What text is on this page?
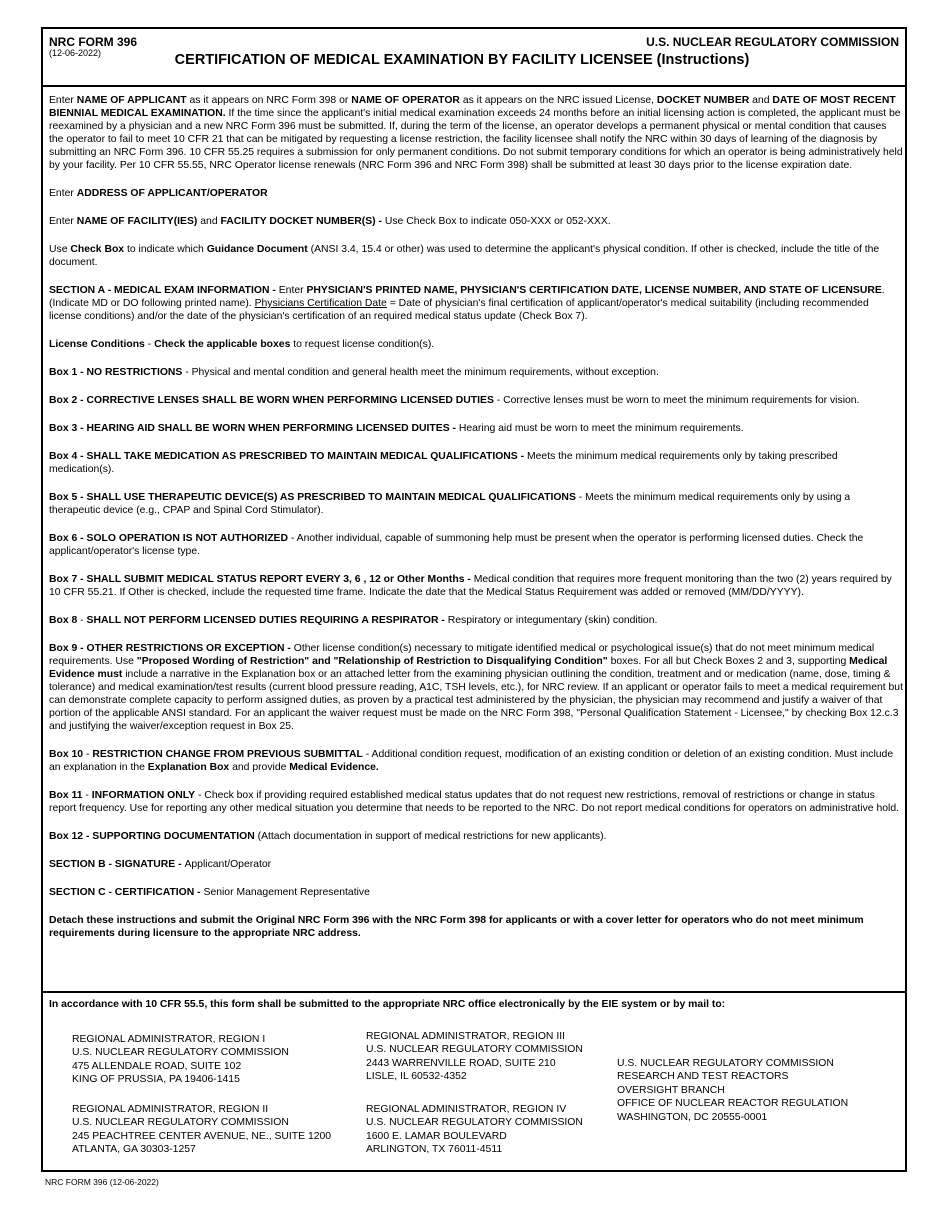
NRC FORM 396
(12-06-2022)
U.S. NUCLEAR REGULATORY COMMISSION
CERTIFICATION OF MEDICAL EXAMINATION BY FACILITY LICENSEE (Instructions)

Enter NAME OF APPLICANT as it appears on NRC Form 398 or NAME OF OPERATOR as it appears on the NRC issued License, DOCKET NUMBER and DATE OF MOST RECENT BIENNIAL MEDICAL EXAMINATION. If the time since the applicant's initial medical examination exceeds 24 months before an initial licensing action is completed, the applicant must be reexamined by a physician and a new NRC Form 396 must be submitted. If, during the term of the license, an operator develops a permanent physical or mental condition that causes the operator to fail to meet 10 CFR 21 that can be mitigated by requesting a license restriction, the facility licensee shall notify the NRC within 30 days of learning of the diagnosis by submitting an NRC Form 396. 10 CFR 55.25 requires a submission for only permanent conditions. Do not submit temporary conditions for which an operator is being administratively held by your facility. Per 10 CFR 55.55, NRC Operator license renewals (NRC Form 396 and NRC Form 398) shall be submitted at least 30 days prior to the license expiration date.

Enter ADDRESS OF APPLICANT/OPERATOR

Enter NAME OF FACILITY(IES) and FACILITY DOCKET NUMBER(S) - Use Check Box to indicate 050-XXX or 052-XXX.

Use Check Box to indicate which Guidance Document (ANSI 3.4, 15.4 or other) was used to determine the applicant's physical condition. If other is checked, include the title of the document.

SECTION A - MEDICAL EXAM INFORMATION - Enter PHYSICIAN'S PRINTED NAME, PHYSICIAN'S CERTIFICATION DATE, LICENSE NUMBER, AND STATE OF LICENSURE. (Indicate MD or DO following printed name). Physicians Certification Date = Date of physician's final certification of applicant/operator's medical suitability (including recommended license conditions) and/or the date of the physician's certification of an required medical status update (Check Box 7).

License Conditions - Check the applicable boxes to request license condition(s).

Box 1 - NO RESTRICTIONS - Physical and mental condition and general health meet the minimum requirements, without exception.

Box 2 - CORRECTIVE LENSES SHALL BE WORN WHEN PERFORMING LICENSED DUTIES - Corrective lenses must be worn to meet the minimum requirements for vision.

Box 3 - HEARING AID SHALL BE WORN WHEN PERFORMING LICENSED DUITES - Hearing aid must be worn to meet the minimum requirements.

Box 4 - SHALL TAKE MEDICATION AS PRESCRIBED TO MAINTAIN MEDICAL QUALIFICATIONS - Meets the minimum medical requirements only by taking prescribed medication(s).

Box 5 - SHALL USE THERAPEUTIC DEVICE(S) AS PRESCRIBED TO MAINTAIN MEDICAL QUALIFICATIONS - Meets the minimum medical requirements only by using a therapeutic device (e.g., CPAP and Spinal Cord Stimulator).

Box 6 - SOLO OPERATION IS NOT AUTHORIZED - Another individual, capable of summoning help must be present when the operator is performing licensed duties. Check the applicant/operator's license type.

Box 7 - SHALL SUBMIT MEDICAL STATUS REPORT EVERY 3, 6 , 12 or Other Months - Medical condition that requires more frequent monitoring than the two (2) years required by 10 CFR 55.21. If Other is checked, include the requested time frame. Indicate the date that the Medical Status Requirement was added or removed (MM/DD/YYYY).

Box 8 - SHALL NOT PERFORM LICENSED DUTIES REQUIRING A RESPIRATOR - Respiratory or integumentary (skin) condition.

Box 9 - OTHER RESTRICTIONS OR EXCEPTION - Other license condition(s) necessary to mitigate identified medical or psychological issue(s) that do not meet minimum medical requirements. Use "Proposed Wording of Restriction" and "Relationship of Restriction to Disqualifying Condition" boxes. For all but Check Boxes 2 and 3, supporting Medical Evidence must include a narrative in the Explanation box or an attached letter from the examining physician outlining the condition, treatment and or medication (name, dose, timing & tolerance) and medical examination/test results (current blood pressure reading, A1C, TSH levels, etc.), for NRC review. If an applicant or operator fails to meet a medical requirement but can demonstrate complete capacity to perform assigned duties, as proven by a practical test administered by the physician, the physician may recommend and justify a waiver of that portion of the applicable ANSI standard. For an applicant the waiver request must be made on the NRC Form 398, "Personal Qualification Statement - Licensee," by checking Box 12.c.3 and justifying the waiver/exception request in Box 25.

Box 10 - RESTRICTION CHANGE FROM PREVIOUS SUBMITTAL - Additional condition request, modification of an existing condition or deletion of an existing condition. Must include an explanation in the Explanation Box and provide Medical Evidence.

Box 11 - INFORMATION ONLY - Check box if providing required established medical status updates that do not request new restrictions, removal of restrictions or change in status report frequency. Use for reporting any other medical situation you determine that needs to be reported to the NRC. Do not report medical conditions for operators on administrative hold.

Box 12 - SUPPORTING DOCUMENTATION (Attach documentation in support of medical restrictions for new applicants).

SECTION B - SIGNATURE - Applicant/Operator

SECTION C - CERTIFICATION - Senior Management Representative

Detach these instructions and submit the Original NRC Form 396 with the NRC Form 398 for applicants or with a cover letter for operators who do not meet minimum requirements during licensure to the appropriate NRC address.

In accordance with 10 CFR 55.5, this form shall be submitted to the appropriate NRC office electronically by the EIE system or by mail to:
REGIONAL ADMINISTRATOR, REGION I
U.S. NUCLEAR REGULATORY COMMISSION
475 ALLENDALE ROAD, SUITE 102
KING OF PRUSSIA, PA 19406-1415
REGIONAL ADMINISTRATOR, REGION II
U.S. NUCLEAR REGULATORY COMMISSION
245 PEACHTREE CENTER AVENUE, NE., SUITE 1200
ATLANTA, GA 30303-1257
REGIONAL ADMINISTRATOR, REGION III
U.S. NUCLEAR REGULATORY COMMISSION
2443 WARRENVILLE ROAD, SUITE 210
LISLE, IL 60532-4352
REGIONAL ADMINISTRATOR, REGION IV
U.S. NUCLEAR REGULATORY COMMISSION
1600 E. LAMAR BOULEVARD
ARLINGTON, TX 76011-4511
U.S. NUCLEAR REGULATORY COMMISSION
RESEARCH AND TEST REACTORS
OVERSIGHT BRANCH
OFFICE OF NUCLEAR REACTOR REGULATION
WASHINGTON, DC 20555-0001
NRC FORM 396 (12-06-2022)
